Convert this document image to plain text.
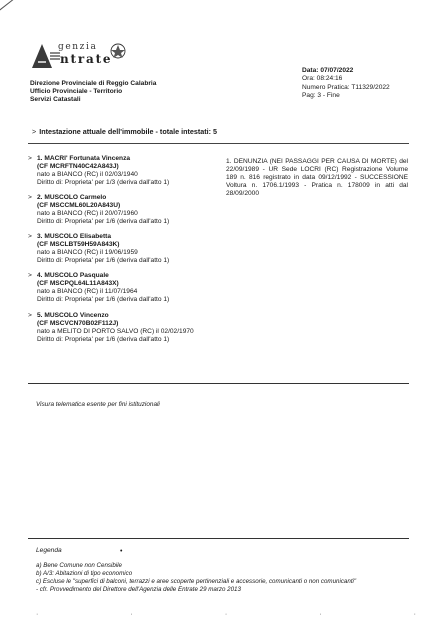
genzia
ntrate
Direzione Provinciale di Reggio Calabria
Ufficio Provinciale - Territorio
Servizi Catastali
Data: 07/07/2022
Ora: 08:24:16
Numero Pratica: T11329/2022
Pag: 3 - Fine
> Intestazione attuale dell'immobile - totale intestati: 5
> 1. MACRI' Fortunata Vincenza
(CF MCRFTN40C42A843J)
nato a BIANCO (RC) il 02/03/1940
Diritto di: Proprieta' per 1/3 (deriva dall'atto 1)
> 2. MUSCOLO Carmelo
(CF MSCCML60L20A843U)
nato a BIANCO (RC) il 20/07/1960
Diritto di: Proprieta' per 1/6 (deriva dall'atto 1)
> 3. MUSCOLO Elisabetta
(CF MSCLBT59H59A843K)
nato a BIANCO (RC) il 19/06/1959
Diritto di: Proprieta' per 1/6 (deriva dall'atto 1)
> 4. MUSCOLO Pasquale
(CF MSCPQL64L11A843X)
nato a BIANCO (RC) il 11/07/1964
Diritto di: Proprieta' per 1/6 (deriva dall'atto 1)
> 5. MUSCOLO Vincenzo
(CF MSCVCN70B02F112J)
nato a MELITO DI PORTO SALVO (RC) il 02/02/1970
Diritto di: Proprieta' per 1/6 (deriva dall'atto 1)
1. DENUNZIA (NEI PASSAGGI PER CAUSA DI MORTE) del 22/09/1989 - UR Sede LOCRI (RC) Registrazione Volume 189 n. 816 registrato in data 09/12/1992 - SUCCESSIONE Voltura n. 1706.1/1993 - Pratica n. 178009 in atti dal 28/09/2000
Visura telematica esente per fini istituzionali
Legenda	•
a) Bene Comune non Censibile
b) A/3: Abitazioni di tipo economico
c) Escluse le "superfici di balconi, terrazzi e aree scoperte pertinenziali e accessorie, comunicanti o non comunicanti"
- cfr. Provvedimento del Direttore dell'Agenzia delle Entrate 29 marzo 2013
·	·	·	·	·
